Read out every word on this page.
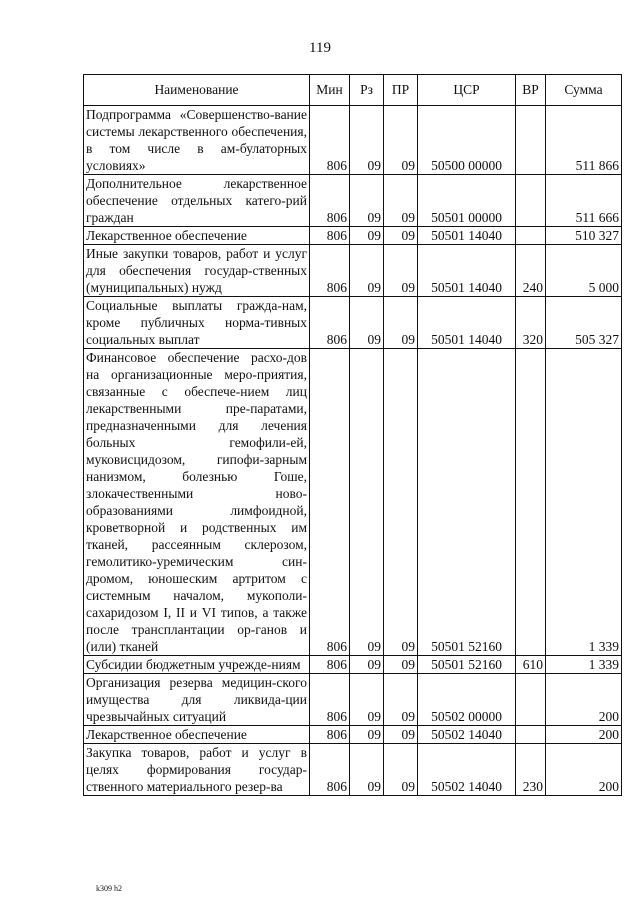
119
Наименование	Мин	Рз	ПР	ЦСР	ВР	Сумма
Подпрограмма «Совершенство-вание системы лекарственного обеспечения, в том числе в ам-булаторных условиях»	806	09	09	50500 00000		511 866
Дополнительное лекарственное обеспечение отдельных катего-рий граждан	806	09	09	50501 00000		511 666
Лекарственное обеспечение	806	09	09	50501 14040		510 327
Иные закупки товаров, работ и услуг для обеспечения государ-ственных (муниципальных) нужд	806	09	09	50501 14040	240	5 000
Социальные выплаты гражда-нам, кроме публичных норма-тивных социальных выплат	806	09	09	50501 14040	320	505 327
Финансовое обеспечение расхо-дов на организационные меро-приятия, связанные с обеспече-нием лиц лекарственными пре-паратами, предназначенными для лечения больных гемофили-ей, муковисцидозом, гипофи-зарным нанизмом, болезнью Гоше, злокачественными ново-образованиями лимфоидной, кроветворной и родственных им тканей, рассеянным склерозом, гемолитико-уремическим син-дромом, юношеским артритом с системным началом, мукополи-сахаридозом I, II и VI типов, а также после трансплантации ор-ганов и (или) тканей	806	09	09	50501 52160		1 339
Субсидии бюджетным учрежде-ниям	806	09	09	50501 52160	610	1 339
Организация резерва медицин-ского имущества для ликвида-ции чрезвычайных ситуаций	806	09	09	50502 00000		200
Лекарственное обеспечение	806	09	09	50502 14040		200
Закупка товаров, работ и услуг в целях формирования государ-ственного материального резер-ва	806	09	09	50502 14040	230	200
k309 h2
